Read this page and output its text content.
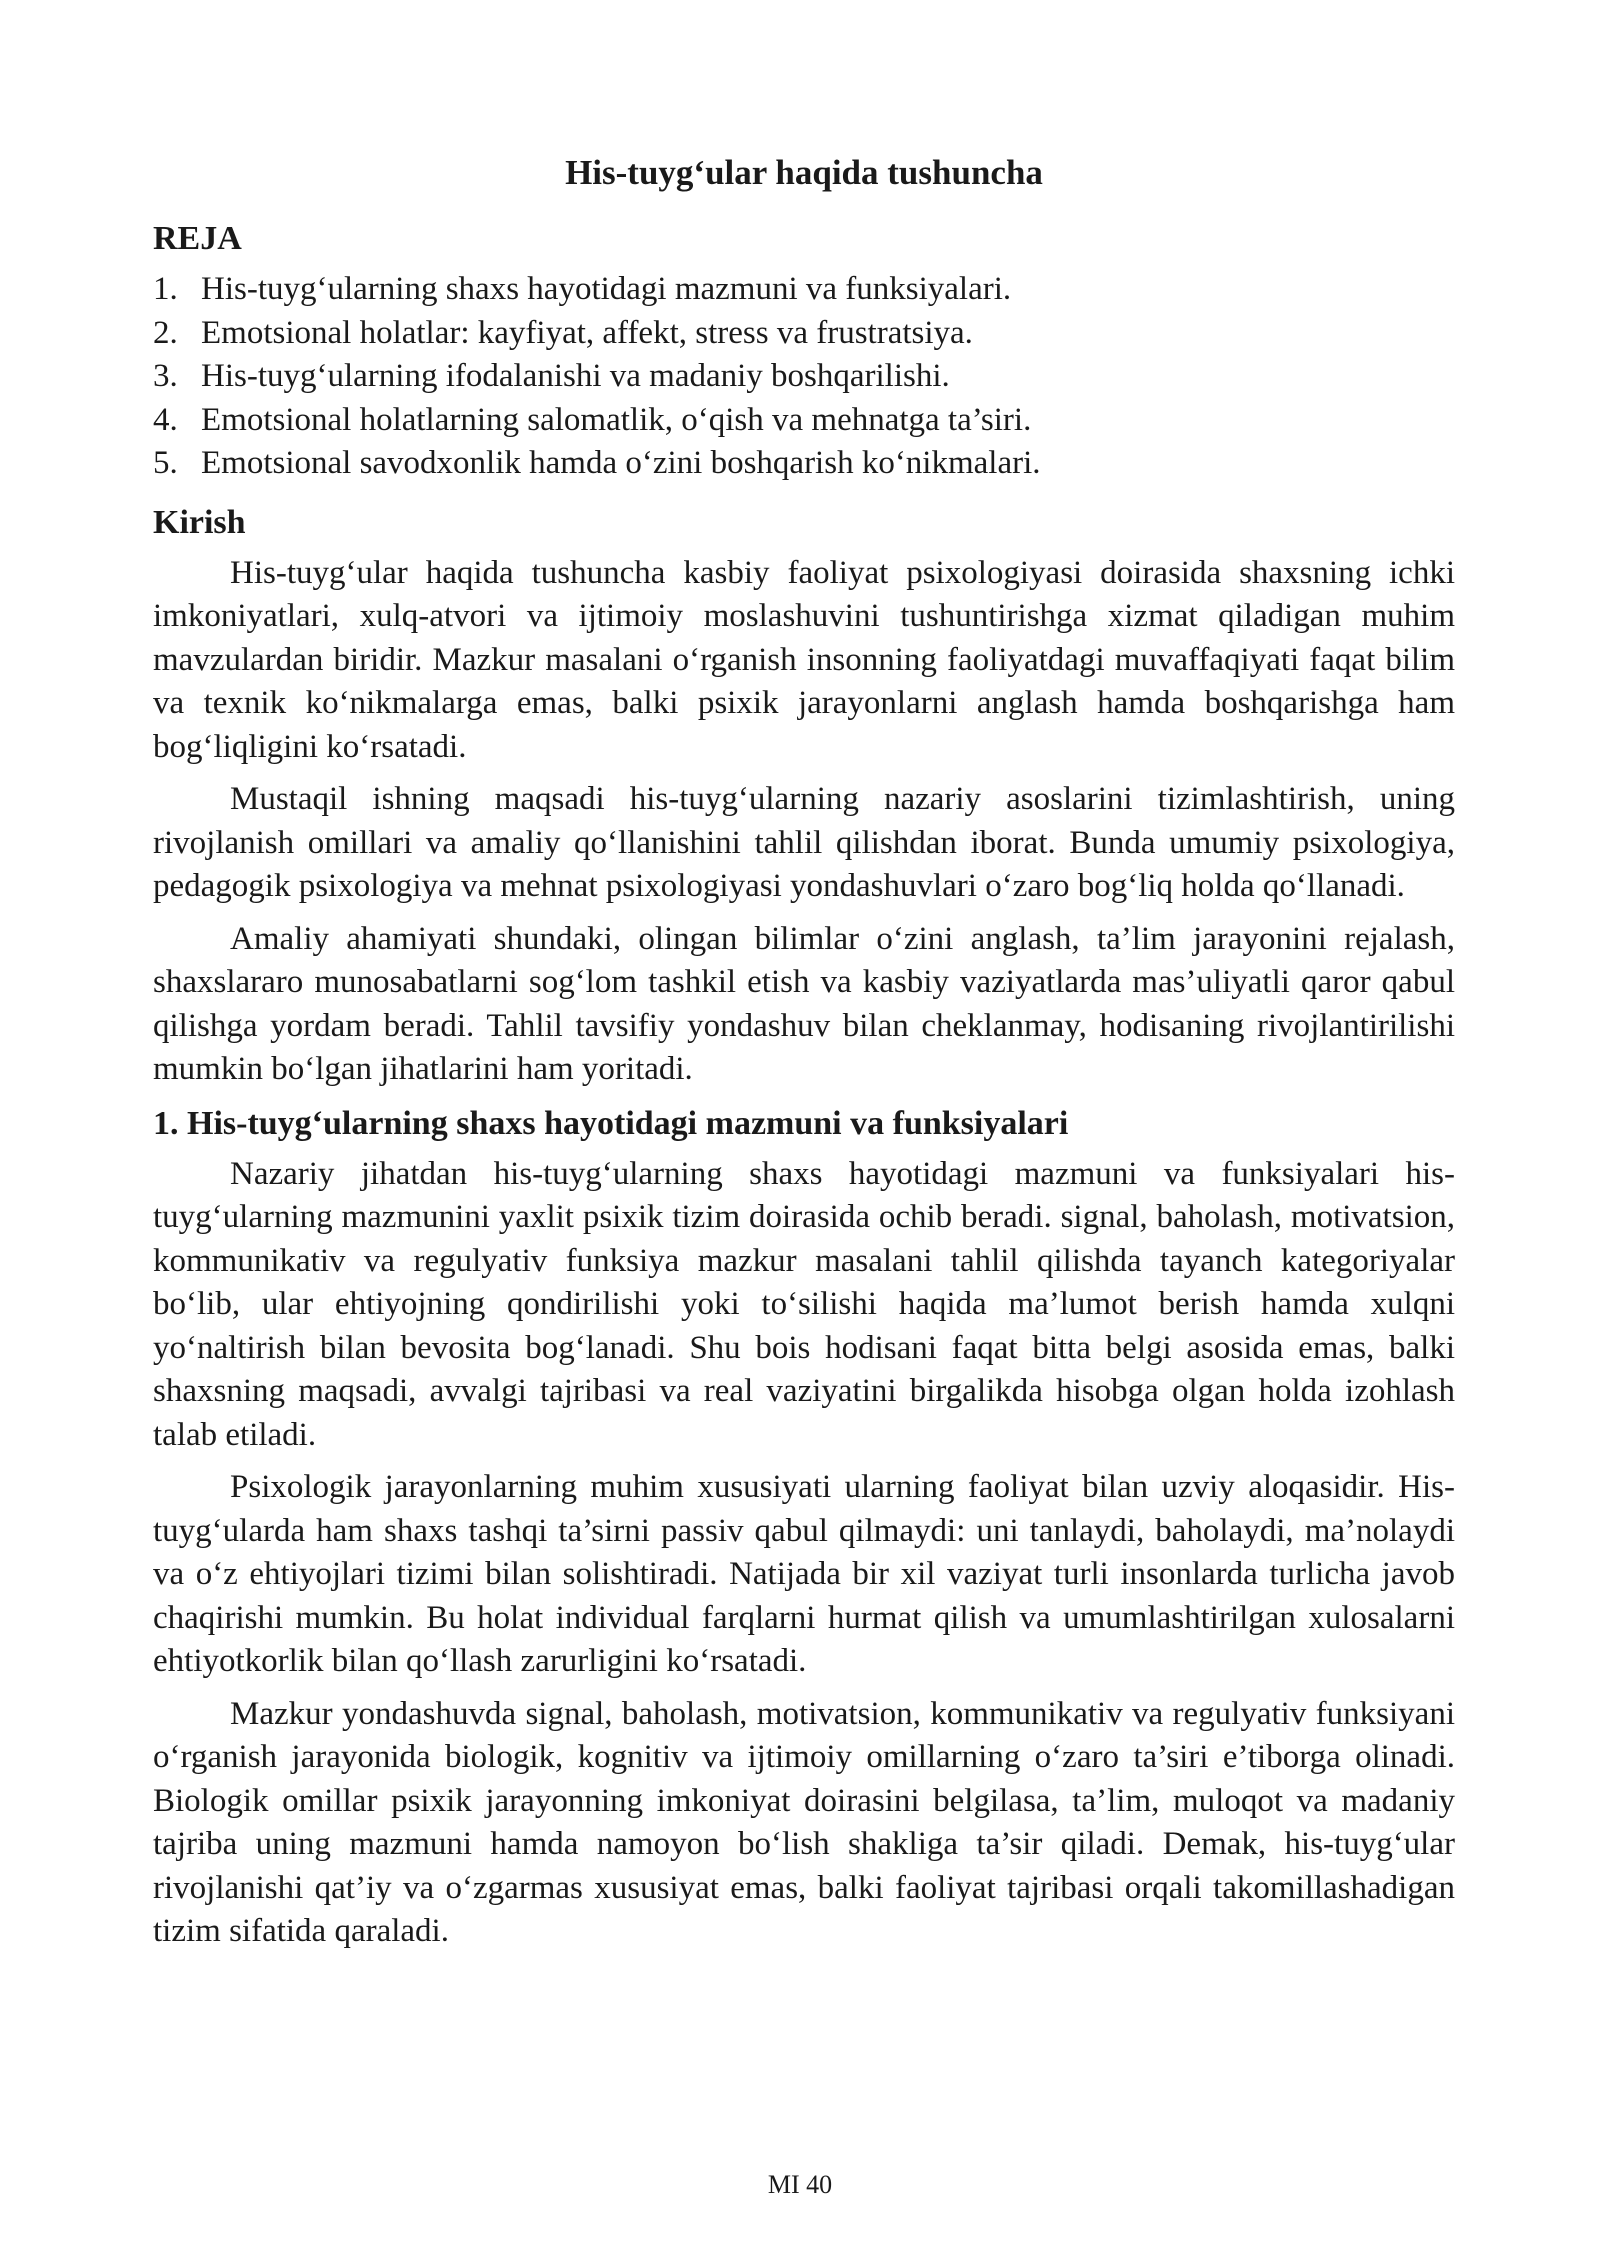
His-tuyg‘ular haqida tushuncha
REJA
1. His-tuyg‘ularning shaxs hayotidagi mazmuni va funksiyalari.
2. Emotsional holatlar: kayfiyat, affekt, stress va frustratsiya.
3. His-tuyg‘ularning ifodalanishi va madaniy boshqarilishi.
4. Emotsional holatlarning salomatlik, o‘qish va mehnatga ta’siri.
5. Emotsional savodxonlik hamda o‘zini boshqarish ko‘nikmalari.
Kirish

His-tuyg‘ular haqida tushuncha kasbiy faoliyat psixologiyasi doirasida shaxsning ichki imkoniyatlari, xulq-atvori va ijtimoiy moslashuvini tushuntirishga xizmat qiladigan muhim mavzulardan biridir. Mazkur masalani o‘rganish insonning faoliyatdagi muvaffaqiyati faqat bilim va texnik ko‘nikmalarga emas, balki psixik jarayonlarni anglash hamda boshqarishga ham bog‘liqligini ko‘rsatadi.

Mustaqil ishning maqsadi his-tuyg‘ularning nazariy asoslarini tizimlashtirish, uning rivojlanish omillari va amaliy qo‘llanishini tahlil qilishdan iborat. Bunda umumiy psixologiya, pedagogik psixologiya va mehnat psixologiyasi yondashuvlari o‘zaro bog‘liq holda qo‘llanadi.

Amaliy ahamiyati shundaki, olingan bilimlar o‘zini anglash, ta’lim jarayonini rejalash, shaxslararo munosabatlarni sog‘lom tashkil etish va kasbiy vaziyatlarda mas’uliyatli qaror qabul qilishga yordam beradi. Tahlil tavsifiy yondashuv bilan cheklanmay, hodisaning rivojlantirilishi mumkin bo‘lgan jihatlarini ham yoritadi.

1. His-tuyg‘ularning shaxs hayotidagi mazmuni va funksiyalari

Nazariy jihatdan his-tuyg‘ularning shaxs hayotidagi mazmuni va funksiyalari his-tuyg‘ularning mazmunini yaxlit psixik tizim doirasida ochib beradi. signal, baholash, motivatsion, kommunikativ va regulyativ funksiya mazkur masalani tahlil qilishda tayanch kategoriyalar bo‘lib, ular ehtiyojning qondirilishi yoki to‘silishi haqida ma’lumot berish hamda xulqni yo‘naltirish bilan bevosita bog‘lanadi. Shu bois hodisani faqat bitta belgi asosida emas, balki shaxsning maqsadi, avvalgi tajribasi va real vaziyatini birgalikda hisobga olgan holda izohlash talab etiladi.

Psixologik jarayonlarning muhim xususiyati ularning faoliyat bilan uzviy aloqasidir. His-tuyg‘ularda ham shaxs tashqi ta’sirni passiv qabul qilmaydi: uni tanlaydi, baholaydi, ma’nolaydi va o‘z ehtiyojlari tizimi bilan solishtiradi. Natijada bir xil vaziyat turli insonlarda turlicha javob chaqirishi mumkin. Bu holat individual farqlarni hurmat qilish va umumlashtirilgan xulosalarni ehtiyotkorlik bilan qo‘llash zarurligini ko‘rsatadi.

Mazkur yondashuvda signal, baholash, motivatsion, kommunikativ va regulyativ funksiyani o‘rganish jarayonida biologik, kognitiv va ijtimoiy omillarning o‘zaro ta’siri e’tiborga olinadi. Biologik omillar psixik jarayonning imkoniyat doirasini belgilasa, ta’lim, muloqot va madaniy tajriba uning mazmuni hamda namoyon bo‘lish shakliga ta’sir qiladi. Demak, his-tuyg‘ular rivojlanishi qat’iy va o‘zgarmas xususiyat emas, balki faoliyat tajribasi orqali takomillashadigan tizim sifatida qaraladi.

MI 40
